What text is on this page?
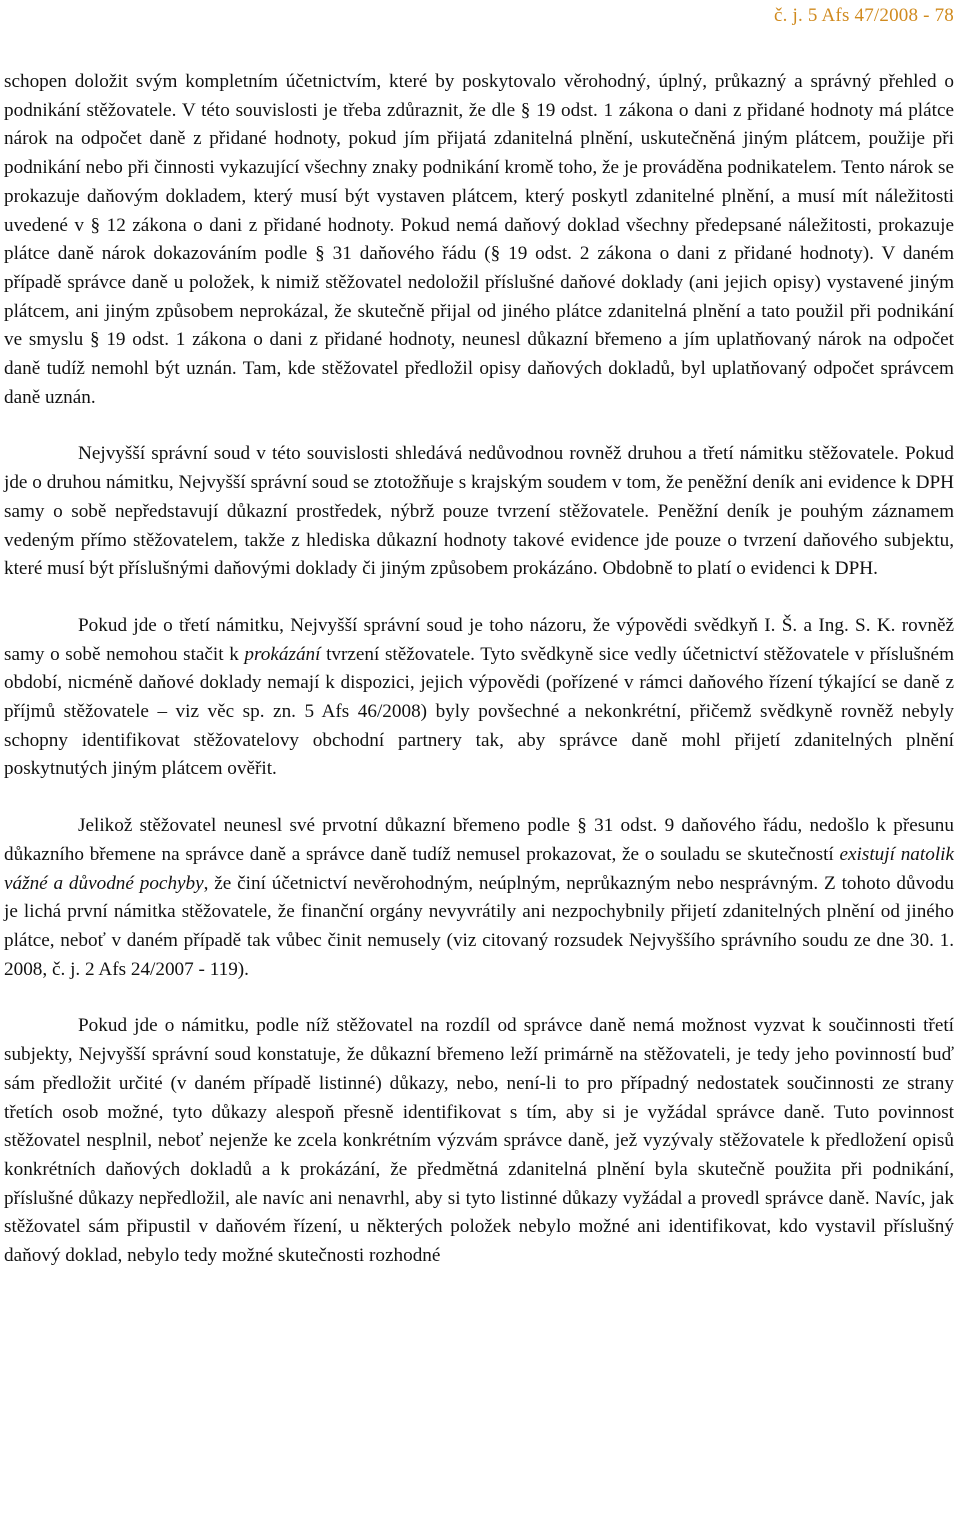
č. j. 5 Afs 47/2008 - 78

schopen doložit svým kompletním účetnictvím, které by poskytovalo věrohodný, úplný, průkazný a správný přehled o podnikání stěžovatele. V této souvislosti je třeba zdůraznit, že dle § 19 odst. 1 zákona o dani z přidané hodnoty má plátce nárok na odpočet daně z přidané hodnoty, pokud jím přijatá zdanitelná plnění, uskutečněná jiným plátcem, použije při podnikání nebo při činnosti vykazující všechny znaky podnikání kromě toho, že je prováděna podnikatelem. Tento nárok se prokazuje daňovým dokladem, který musí být vystaven plátcem, který poskytl zdanitelné plnění, a musí mít náležitosti uvedené v § 12 zákona o dani z přidané hodnoty. Pokud nemá daňový doklad všechny předepsané náležitosti, prokazuje plátce daně nárok dokazováním podle § 31 daňového řádu (§ 19 odst. 2 zákona o dani z přidané hodnoty). V daném případě správce daně u položek, k nimiž stěžovatel nedoložil příslušné daňové doklady (ani jejich opisy) vystavené jiným plátcem, ani jiným způsobem neprokázal, že skutečně přijal od jiného plátce zdanitelná plnění a tato použil při podnikání ve smyslu § 19 odst. 1 zákona o dani z přidané hodnoty, neunesl důkazní břemeno a jím uplatňovaný nárok na odpočet daně tudíž nemohl být uznán. Tam, kde stěžovatel předložil opisy daňových dokladů, byl uplatňovaný odpočet správcem daně uznán.

Nejvyšší správní soud v této souvislosti shledává nedůvodnou rovněž druhou a třetí námitku stěžovatele. Pokud jde o druhou námitku, Nejvyšší správní soud se ztotožňuje s krajským soudem v tom, že peněžní deník ani evidence k DPH samy o sobě nepředstavují důkazní prostředek, nýbrž pouze tvrzení stěžovatele. Peněžní deník je pouhým záznamem vedeným přímo stěžovatelem, takže z hlediska důkazní hodnoty takové evidence jde pouze o tvrzení daňového subjektu, které musí být příslušnými daňovými doklady či jiným způsobem prokázáno. Obdobně to platí o evidenci k DPH.

Pokud jde o třetí námitku, Nejvyšší správní soud je toho názoru, že výpovědi svědkyň I. Š. a Ing. S. K. rovněž samy o sobě nemohou stačit k prokázání tvrzení stěžovatele. Tyto svědkyně sice vedly účetnictví stěžovatele v příslušném období, nicméně daňové doklady nemají k dispozici, jejich výpovědi (pořízené v rámci daňového řízení týkající se daně z příjmů stěžovatele – viz věc sp. zn. 5 Afs 46/2008) byly povšechné a nekonkrétní, přičemž svědkyně rovněž nebyly schopny identifikovat stěžovatelovy obchodní partnery tak, aby správce daně mohl přijetí zdanitelných plnění poskytnutých jiným plátcem ověřit.

Jelikož stěžovatel neunesl své prvotní důkazní břemeno podle § 31 odst. 9 daňového řádu, nedošlo k přesunu důkazního břemene na správce daně a správce daně tudíž nemusel prokazovat, že o souladu se skutečností existují natolik vážné a důvodné pochyby, že činí účetnictví nevěrohodným, neúplným, neprůkazným nebo nesprávným. Z tohoto důvodu je lichá první námitka stěžovatele, že finanční orgány nevyvrátily ani nezpochybnily přijetí zdanitelných plnění od jiného plátce, neboť v daném případě tak vůbec činit nemusely (viz citovaný rozsudek Nejvyššího správního soudu ze dne 30. 1. 2008, č. j. 2 Afs 24/2007 - 119).

Pokud jde o námitku, podle níž stěžovatel na rozdíl od správce daně nemá možnost vyzvat k součinnosti třetí subjekty, Nejvyšší správní soud konstatuje, že důkazní břemeno leží primárně na stěžovateli, je tedy jeho povinností buď sám předložit určité (v daném případě listinné) důkazy, nebo, není-li to pro případný nedostatek součinnosti ze strany třetích osob možné, tyto důkazy alespoň přesně identifikovat s tím, aby si je vyžádal správce daně. Tuto povinnost stěžovatel nesplnil, neboť nejenže ke zcela konkrétním výzvám správce daně, jež vyzývaly stěžovatele k předložení opisů konkrétních daňových dokladů a k prokázání, že předmětná zdanitelná plnění byla skutečně použita při podnikání, příslušné důkazy nepředložil, ale navíc ani nenavrhl, aby si tyto listinné důkazy vyžádal a provedl správce daně. Navíc, jak stěžovatel sám připustil v daňovém řízení, u některých položek nebylo možné ani identifikovat, kdo vystavil příslušný daňový doklad, nebylo tedy možné skutečnosti rozhodné
